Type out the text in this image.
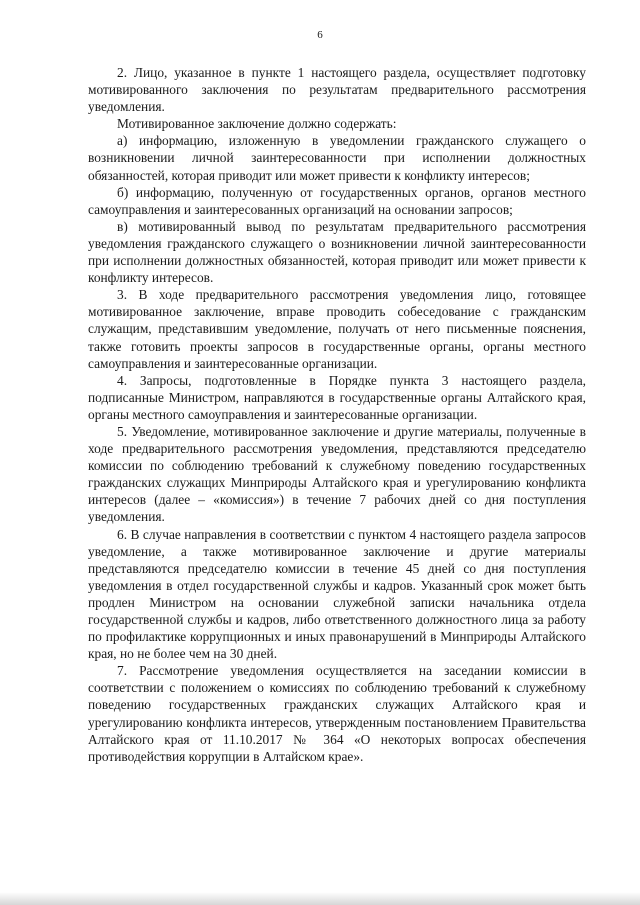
6

2. Лицо, указанное в пункте 1 настоящего раздела, осуществляет подготовку мотивированного заключения по результатам предварительного рассмотрения уведомления.

Мотивированное заключение должно содержать:

а) информацию, изложенную в уведомлении гражданского служащего о возникновении личной заинтересованности при исполнении должностных обязанностей, которая приводит или может привести к конфликту интересов;

б) информацию, полученную от государственных органов, органов местного самоуправления и заинтересованных организаций на основании запросов;

в) мотивированный вывод по результатам предварительного рассмотрения уведомления гражданского служащего о возникновении личной заинтересованности при исполнении должностных обязанностей, которая приводит или может привести к конфликту интересов.

3. В ходе предварительного рассмотрения уведомления лицо, готовящее мотивированное заключение, вправе проводить собеседование с гражданским служащим, представившим уведомление, получать от него письменные пояснения, также готовить проекты запросов в государственные органы, органы местного самоуправления и заинтересованные организации.

4. Запросы, подготовленные в Порядке пункта 3 настоящего раздела, подписанные Министром, направляются в государственные органы Алтайского края, органы местного самоуправления и заинтересованные организации.

5. Уведомление, мотивированное заключение и другие материалы, полученные в ходе предварительного рассмотрения уведомления, представляются председателю комиссии по соблюдению требований к служебному поведению государственных гражданских служащих Минприроды Алтайского края и урегулированию конфликта интересов (далее – «комиссия») в течение 7 рабочих дней со дня поступления уведомления.

6. В случае направления в соответствии с пунктом 4 настоящего раздела запросов уведомление, а также мотивированное заключение и другие материалы представляются председателю комиссии в течение 45 дней со дня поступления уведомления в отдел государственной службы и кадров. Указанный срок может быть продлен Министром на основании служебной записки начальника отдела государственной службы и кадров, либо ответственного должностного лица за работу по профилактике коррупционных и иных правонарушений в Минприроды Алтайского края, но не более чем на 30 дней.

7. Рассмотрение уведомления осуществляется на заседании комиссии в соответствии с положением о комиссиях по соблюдению требований к служебному поведению государственных гражданских служащих Алтайского края и урегулированию конфликта интересов, утвержденным постановлением Правительства Алтайского края от 11.10.2017 № 364 «О некоторых вопросах обеспечения противодействия коррупции в Алтайском крае».
